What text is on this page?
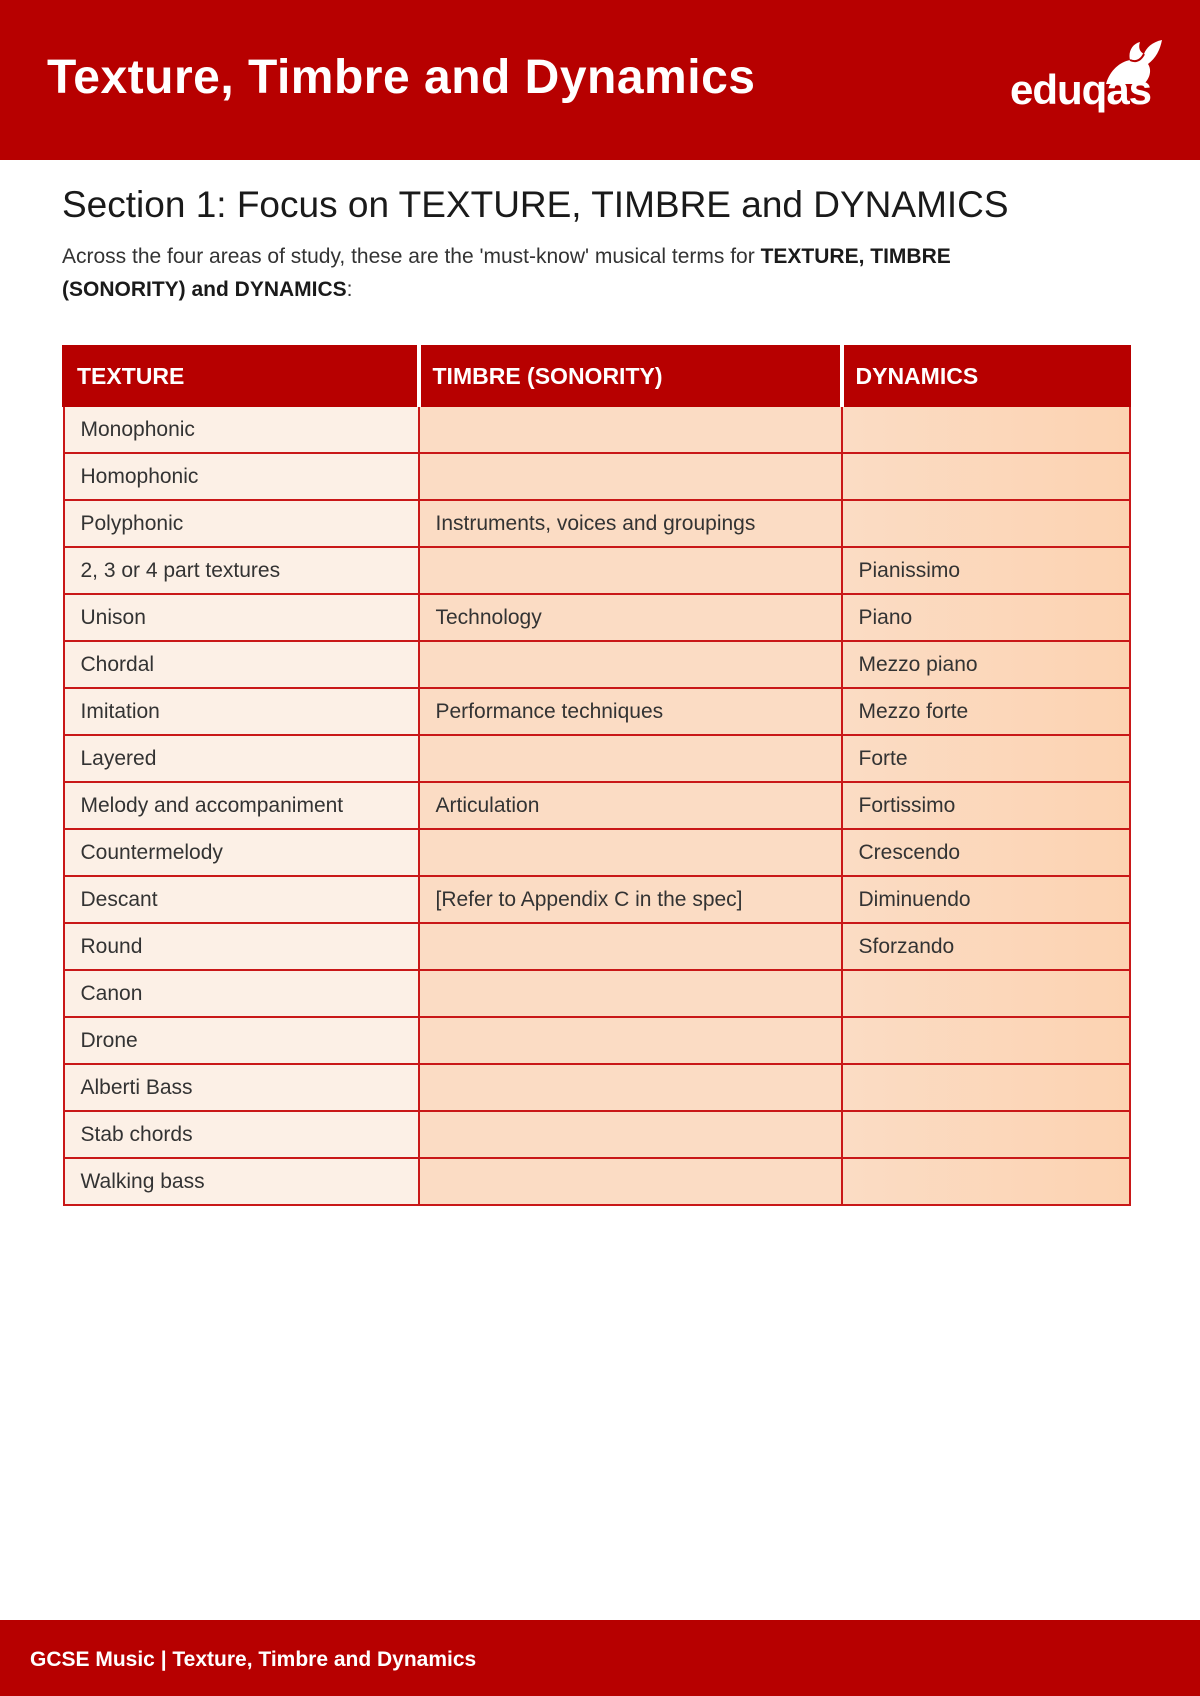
Texture, Timbre and Dynamics	eduqas
Section 1: Focus on TEXTURE, TIMBRE and DYNAMICS
Across the four areas of study, these are the 'must-know' musical terms for TEXTURE, TIMBRE (SONORITY) and DYNAMICS:
TEXTURE	TIMBRE (SONORITY)	DYNAMICS
Monophonic		
Homophonic		
Polyphonic	Instruments, voices and groupings	
2, 3 or 4 part textures		Pianissimo
Unison	Technology	Piano
Chordal		Mezzo piano
Imitation	Performance techniques	Mezzo forte
Layered		Forte
Melody and accompaniment	Articulation	Fortissimo
Countermelody		Crescendo
Descant	[Refer to Appendix C in the spec]	Diminuendo
Round		Sforzando
Canon		
Drone		
Alberti Bass		
Stab chords		
Walking bass		
GCSE Music | Texture, Timbre and Dynamics
